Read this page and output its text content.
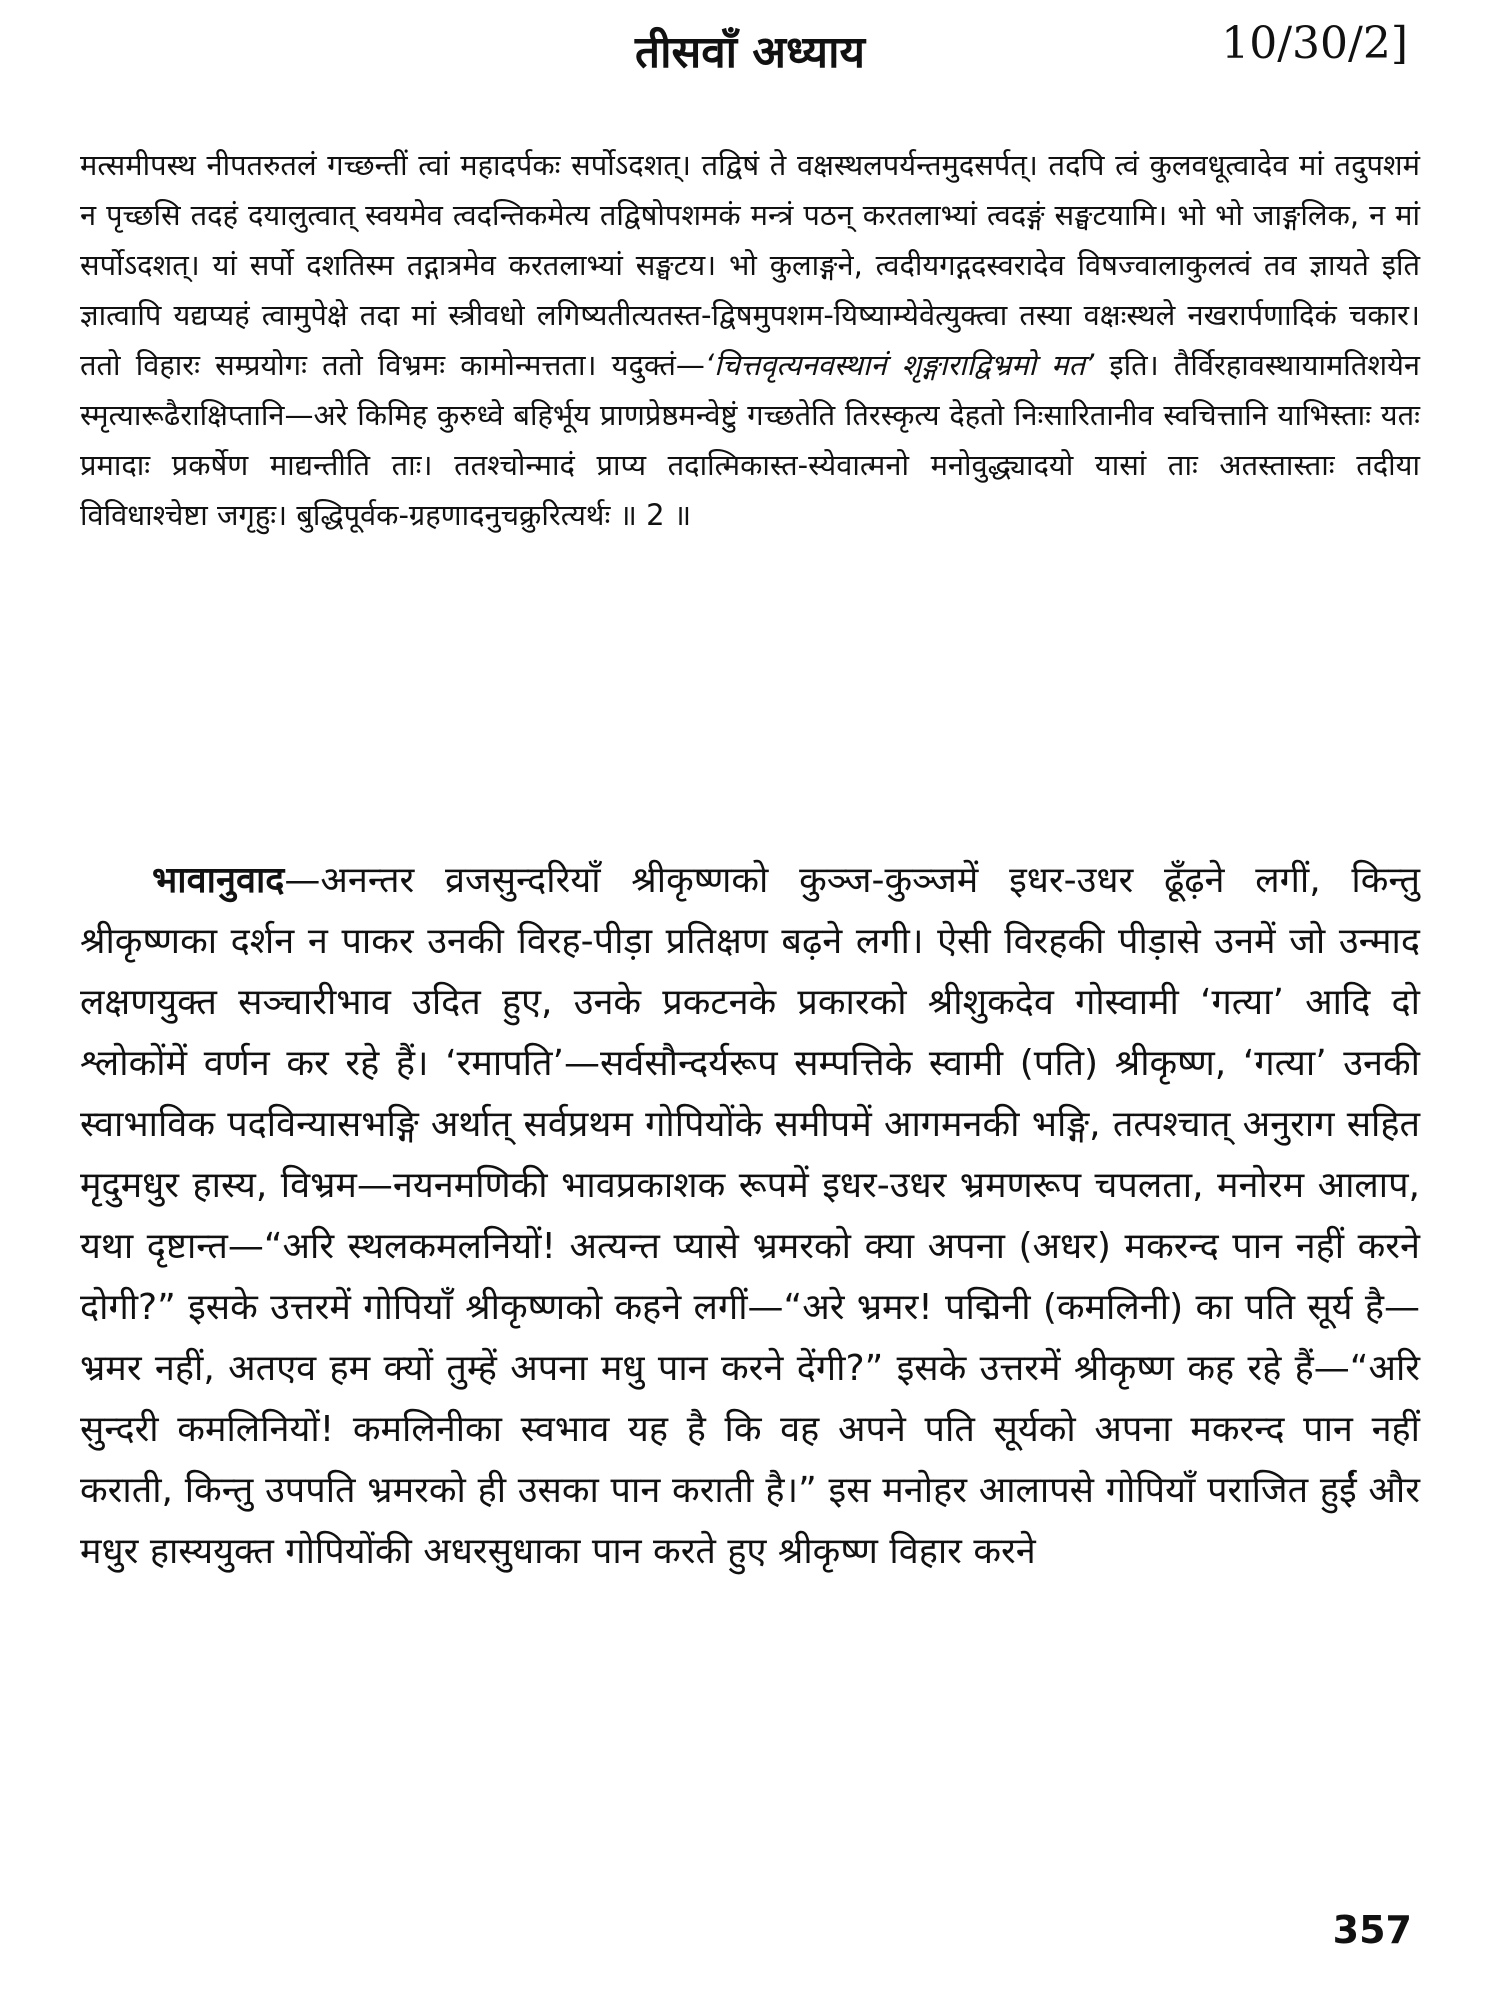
तीसवाँ अध्याय	10/30/2]
मत्समीपस्थ नीपतरुतलं गच्छन्तीं त्वां महादर्पकः सर्पोऽदशत्। तद्विषं ते वक्षस्थलपर्यन्तमुदसर्पत्। तदपि त्वं कुलवधूत्वादेव मां तदुपशमं न पृच्छसि तदहं दयालुत्वात् स्वयमेव त्वदन्तिकमेत्य तद्विषोपशमकं मन्त्रं पठन् करतलाभ्यां त्वदङ्गं सङ्घटयामि। भो भो जाङ्गलिक, न मां सर्पोऽदशत्। यां सर्पो दशतिस्म तद्गात्रमेव करतलाभ्यां सङ्घटय। भो कुलाङ्गने, त्वदीयगद्गदस्वरादेव विषज्वालाकुलत्वं तव ज्ञायते इति ज्ञात्वापि यद्यप्यहं त्वामुपेक्षे तदा मां स्त्रीवधो लगिष्यतीत्यतस्त-द्विषमुपशम-यिष्याम्येवेत्युक्त्वा तस्या वक्षःस्थले नखरार्पणादिकं चकार। ततो विहारः सम्प्रयोगः ततो विभ्रमः कामोन्मत्तता। यदुक्तं—‘चित्तवृत्यनवस्थानं श‍ृङ्गाराद्विभ्रमो मत’ इति। तैर्विरहावस्थायामतिशयेन स्मृत्यारूढैराक्षिप्तानि—अरे किमिह कुरुध्वे बहिर्भूय प्राणप्रेष्ठमन्वेष्टुं गच्छतेति तिरस्कृत्य देहतो निःसारितानीव स्वचित्तानि याभिस्ताः यतः प्रमादाः प्रकर्षेण माद्यन्तीति ताः। ततश्चोन्मादं प्राप्य तदात्मिकास्त-स्येवात्मनो मनोवुद्ध्यादयो यासां ताः अतस्तास्ताः तदीया विविधाश्चेष्टा जगृहुः। बुद्धिपूर्वक-ग्रहणादनुचक्रुरित्यर्थः ॥ 2 ॥
भावानुवाद—अनन्तर व्रजसुन्दरियाँ श्रीकृष्णको कुञ्ज-कुञ्जमें इधर-उधर ढूँढ़ने लगीं, किन्तु श्रीकृष्णका दर्शन न पाकर उनकी विरह-पीड़ा प्रतिक्षण बढ़ने लगी। ऐसी विरहकी पीड़ासे उनमें जो उन्माद लक्षणयुक्त सञ्चारीभाव उदित हुए, उनके प्रकटनके प्रकारको श्रीशुकदेव गोस्वामी ‘गत्या’ आदि दो श्लोकोंमें वर्णन कर रहे हैं। ‘रमापति’—सर्वसौन्दर्यरूप सम्पत्तिके स्वामी (पति) श्रीकृष्ण, ‘गत्या’ उनकी स्वाभाविक पदविन्यासभङ्गि अर्थात् सर्वप्रथम गोपियोंके समीपमें आगमनकी भङ्गि, तत्पश्चात् अनुराग सहित मृदुमधुर हास्य, विभ्रम—नयनमणिकी भावप्रकाशक रूपमें इधर-उधर भ्रमणरूप चपलता, मनोरम आलाप, यथा दृष्टान्त—“अरि स्थलकमलनियों! अत्यन्त प्यासे भ्रमरको क्या अपना (अधर) मकरन्द पान नहीं करने दोगी?” इसके उत्तरमें गोपियाँ श्रीकृष्णको कहने लगीं—“अरे भ्रमर! पद्मिनी (कमलिनी) का पति सूर्य है—भ्रमर नहीं, अतएव हम क्यों तुम्हें अपना मधु पान करने देंगी?” इसके उत्तरमें श्रीकृष्ण कह रहे हैं—“अरि सुन्दरी कमलिनियों! कमलिनीका स्वभाव यह है कि वह अपने पति सूर्यको अपना मकरन्द पान नहीं कराती, किन्तु उपपति भ्रमरको ही उसका पान कराती है।” इस मनोहर आलापसे गोपियाँ पराजित हुईं और मधुर हास्ययुक्त गोपियोंकी अधरसुधाका पान करते हुए श्रीकृष्ण विहार करने
357
